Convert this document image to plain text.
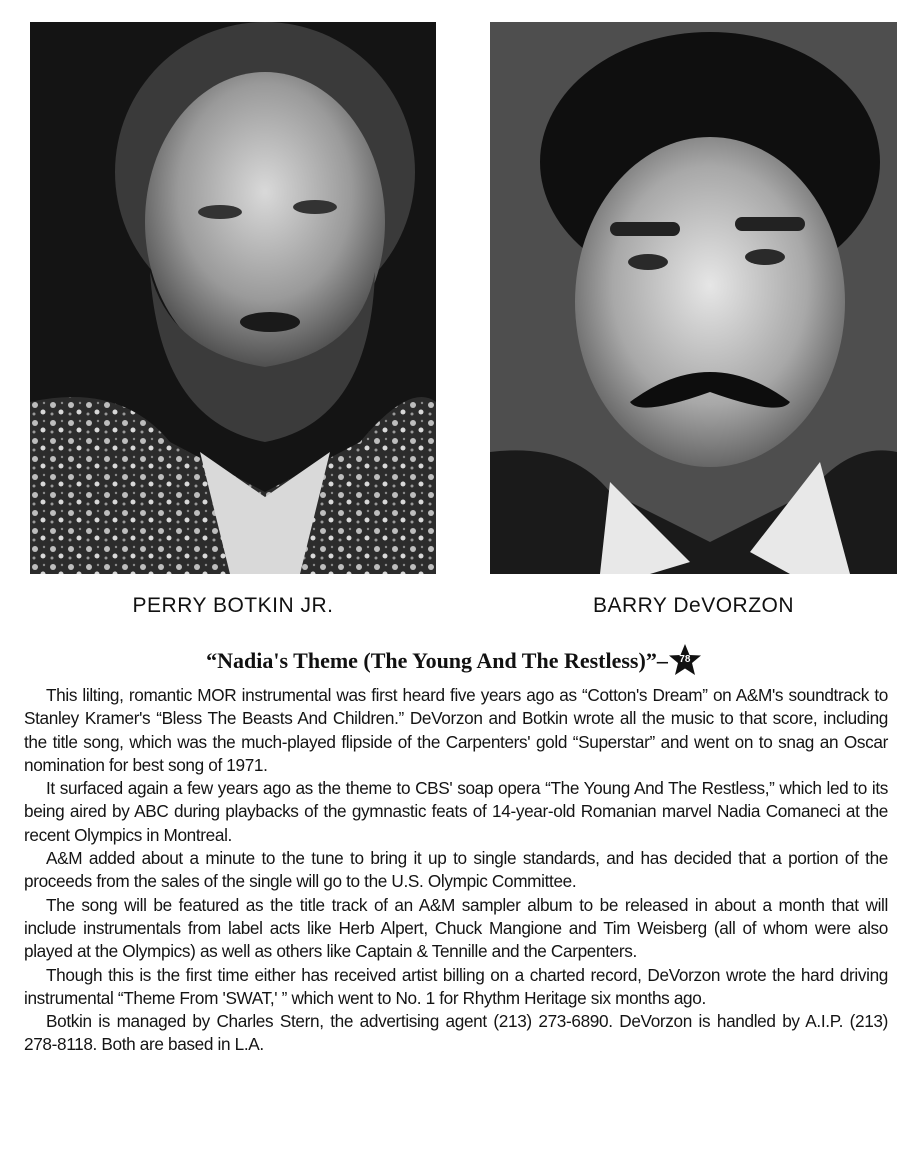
PERRY BOTKIN JR.	BARRY DeVORZON
“Nadia's Theme (The Young And The Restless)”–	78

This lilting, romantic MOR instrumental was first heard five years ago as “Cotton's Dream” on A&M's soundtrack to Stanley Kramer's “Bless The Beasts And Children.” DeVorzon and Botkin wrote all the music to that score, including the title song, which was the much-played flipside of the Carpenters' gold “Superstar” and went on to snag an Oscar nomination for best song of 1971.

It surfaced again a few years ago as the theme to CBS' soap opera “The Young And The Restless,” which led to its being aired by ABC during playbacks of the gymnastic feats of 14-year-old Romanian marvel Nadia Comaneci at the recent Olympics in Montreal.

A&M added about a minute to the tune to bring it up to single standards, and has decided that a portion of the proceeds from the sales of the single will go to the U.S. Olympic Committee.

The song will be featured as the title track of an A&M sampler album to be released in about a month that will include instrumentals from label acts like Herb Alpert, Chuck Mangione and Tim Weisberg (all of whom were also played at the Olympics) as well as others like Captain & Tennille and the Carpenters.

Though this is the first time either has received artist billing on a charted record, DeVorzon wrote the hard driving instrumental “Theme From 'SWAT,' ” which went to No. 1 for Rhythm Heritage six months ago.

Botkin is managed by Charles Stern, the advertising agent (213) 273-6890. DeVorzon is handled by A.I.P. (213) 278-8118. Both are based in L.A.
